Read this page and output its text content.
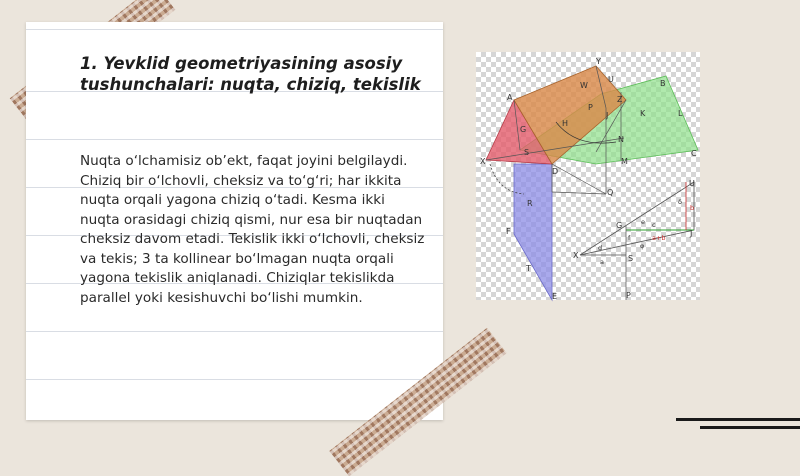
1. Yevklid geometriyasining asosiy tushunchalari: nuqta, chiziq, tekislik

Nuqta o‘lchamisiz ob’ekt, faqat joyini belgilaydi. Chiziq bir o‘lchovli, cheksiz va to‘g‘ri; har ikkita nuqta orqali yagona chiziq o‘tadi. Kesma ikki nuqta orasidagi chiziq qismi, nur esa bir nuqtadan cheksiz davom etadi. Tekislik ikki o‘lchovli, cheksiz va tekis; 3 ta kollinear bo‘lmagan nuqta orqali yagona tekislik aniqlanadi. Chiziqlar tekislikda parallel yoki kesishuvchi bo‘lishi mumkin.

A
B
C
D
E
F
G
H
J	K	L
M
N
P
Q
R
S
T
U
W
X
Y
Z
U
G
J
X	S
P
b
a
c
d
e
f
δ
φ
a+b
